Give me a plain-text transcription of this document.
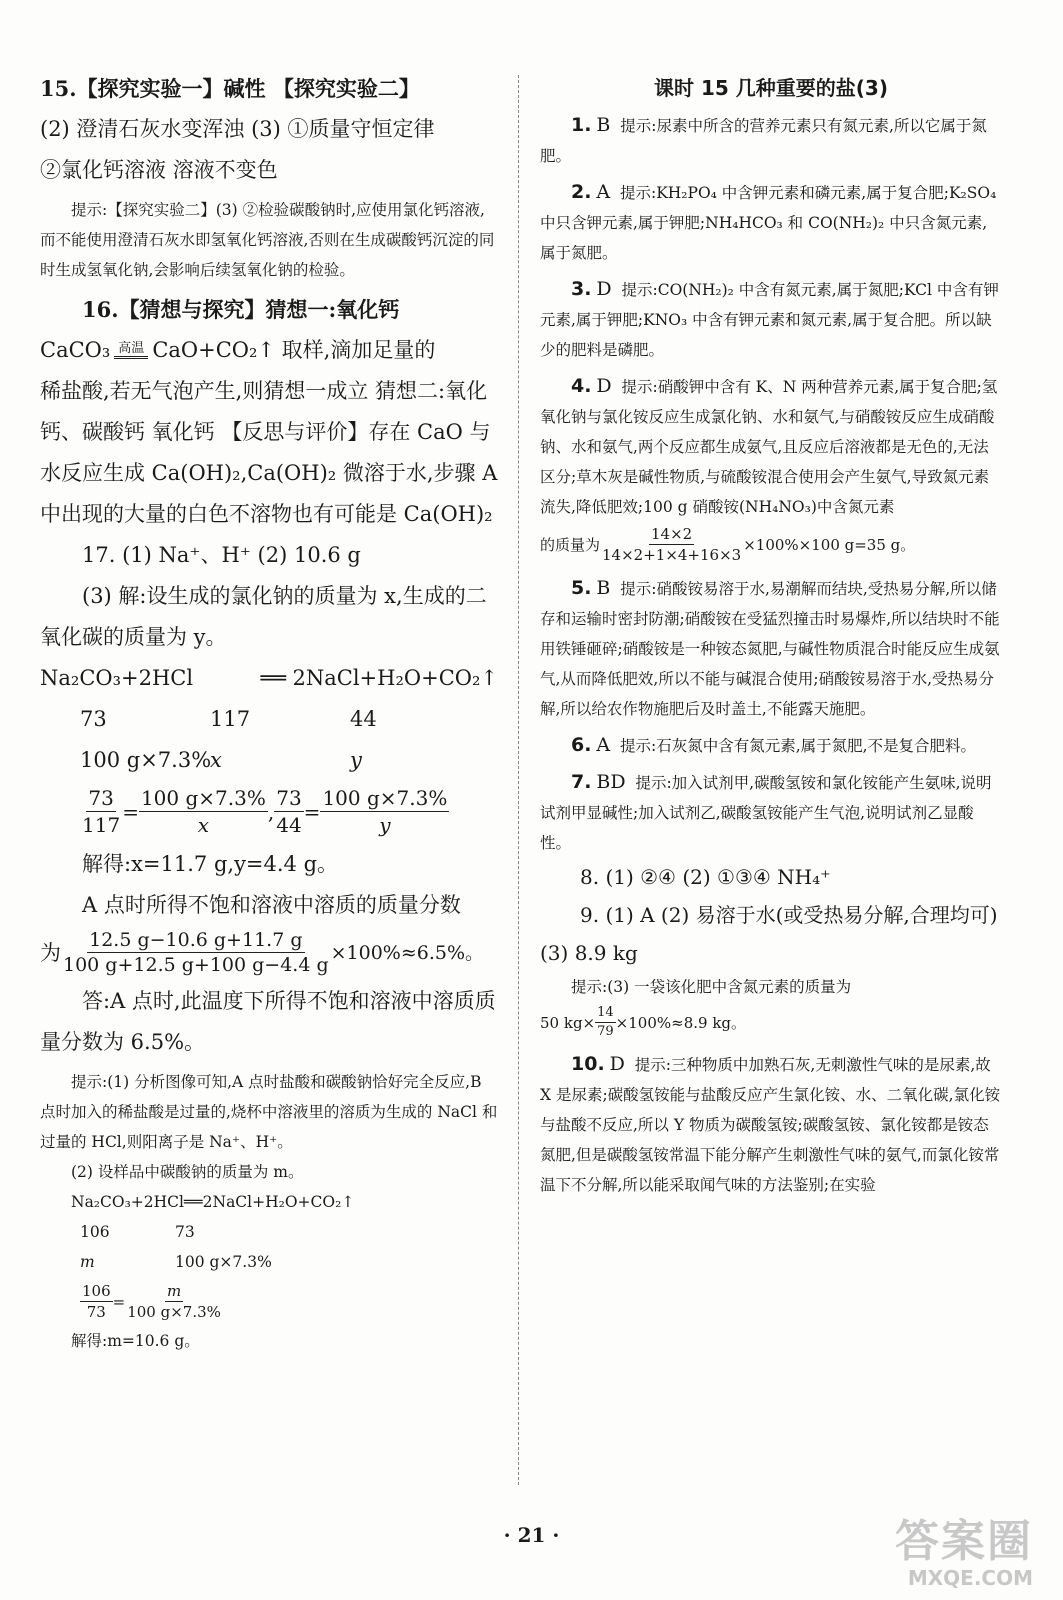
15.【探究实验一】碱性 【探究实验二】

(2) 澄清石灰水变浑浊 (3) ①质量守恒定律

②氯化钙溶液 溶液不变色

提示:【探究实验二】(3) ②检验碳酸钠时,应使用氯化钙溶液,而不能使用澄清石灰水即氢氧化钙溶液,否则在生成碳酸钙沉淀的同时生成氢氧化钠,会影响后续氢氧化钠的检验。

16.【猜想与探究】猜想一:氧化钙

CaCO₃ 高温 CaO+CO₂↑ 取样,滴加足量的

稀盐酸,若无气泡产生,则猜想一成立 猜想二:氧化钙、碳酸钙 氧化钙 【反思与评价】存在 CaO 与水反应生成 Ca(OH)₂,Ca(OH)₂ 微溶于水,步骤 A 中出现的大量的白色不溶物也有可能是 Ca(OH)₂

17. (1) Na⁺、H⁺ (2) 10.6 g

(3) 解:设生成的氯化钠的质量为 x,生成的二氧化碳的质量为 y。

Na₂CO₃+2HCl	══ 2NaCl+H₂O+CO₂↑
73	117	44
100 g×7.3%
x	y
$\frac{73}{117} = \frac{100 g\times 7.3\%}{x}$ , $\frac{73}{44} = \frac{100 g\times 7.3\%}{y}$

解得:x=11.7 g,y=4.4 g。

A 点时所得不饱和溶液中溶质的质量分数

为 $\frac{12.5 g-10.6 g+11.7 g}{100 g+12.5 g+100 g-4.4 g} \times 100\%\approx 6.5\%$。

答:A 点时,此温度下所得不饱和溶液中溶质质量分数为 6.5%。

提示:(1) 分析图像可知,A 点时盐酸和碳酸钠恰好完全反应,B 点时加入的稀盐酸是过量的,烧杯中溶液里的溶质为生成的 NaCl 和过量的 HCl,则阳离子是 Na⁺、H⁺。

(2) 设样品中碳酸钠的质量为 m。

Na₂CO₃+2HCl══2NaCl+H₂O+CO₂↑

106	73
m	100 g×7.3%
$\frac{106}{73} = \frac{m}{100 g\times 7.3\%}$

解得:m=10.6 g。

课时 15 几种重要的盐(3)

1. B 提示:尿素中所含的营养元素只有氮元素,所以它属于氮肥。

2. A 提示:KH₂PO₄ 中含钾元素和磷元素,属于复合肥;K₂SO₄ 中只含钾元素,属于钾肥;NH₄HCO₃ 和 CO(NH₂)₂ 中只含氮元素,属于氮肥。

3. D 提示:CO(NH₂)₂ 中含有氮元素,属于氮肥;KCl 中含有钾元素,属于钾肥;KNO₃ 中含有钾元素和氮元素,属于复合肥。所以缺少的肥料是磷肥。

4. D 提示:硝酸钾中含有 K、N 两种营养元素,属于复合肥;氢氧化钠与氯化铵反应生成氯化钠、水和氨气,与硝酸铵反应生成硝酸钠、水和氨气,两个反应都生成氨气,且反应后溶液都是无色的,无法区分;草木灰是碱性物质,与硫酸铵混合使用会产生氨气,导致氮元素流失,降低肥效;100 g 硝酸铵(NH₄NO₃)中含氮元素

的质量为 $\frac{14\times 2}{14\times 2+1\times 4+16\times 3} \times 100\%\times 100$ g=35 g。

5. B 提示:硝酸铵易溶于水,易潮解而结块,受热易分解,所以储存和运输时密封防潮;硝酸铵在受猛烈撞击时易爆炸,所以结块时不能用铁锤砸碎;硝酸铵是一种铵态氮肥,与碱性物质混合时能反应生成氨气,从而降低肥效,所以不能与碱混合使用;硝酸铵易溶于水,受热易分解,所以给农作物施肥后及时盖土,不能露天施肥。

6. A 提示:石灰氮中含有氮元素,属于氮肥,不是复合肥料。

7. BD 提示:加入试剂甲,碳酸氢铵和氯化铵能产生氨味,说明试剂甲显碱性;加入试剂乙,碳酸氢铵能产生气泡,说明试剂乙显酸性。

8. (1) ②④ (2) ①③④ NH₄⁺

9. (1) A (2) 易溶于水(或受热易分解,合理均可) (3) 8.9 kg

提示:(3) 一袋该化肥中含氮元素的质量为

50 $kg\times \frac{14}{79} \times 100\%\approx 8.9$ kg。

10. D 提示:三种物质中加熟石灰,无刺激性气味的是尿素,故 X 是尿素;碳酸氢铵能与盐酸反应产生氯化铵、水、二氧化碳,氯化铵与盐酸不反应,所以 Y 物质为碳酸氢铵;碳酸氢铵、氯化铵都是铵态氮肥,但是碳酸氢铵常温下能分解产生刺激性气味的氨气,而氯化铵常温下不分解,所以能采取闻气味的方法鉴别;在实验

· 21 ·	答案圈
MXQE.COM
